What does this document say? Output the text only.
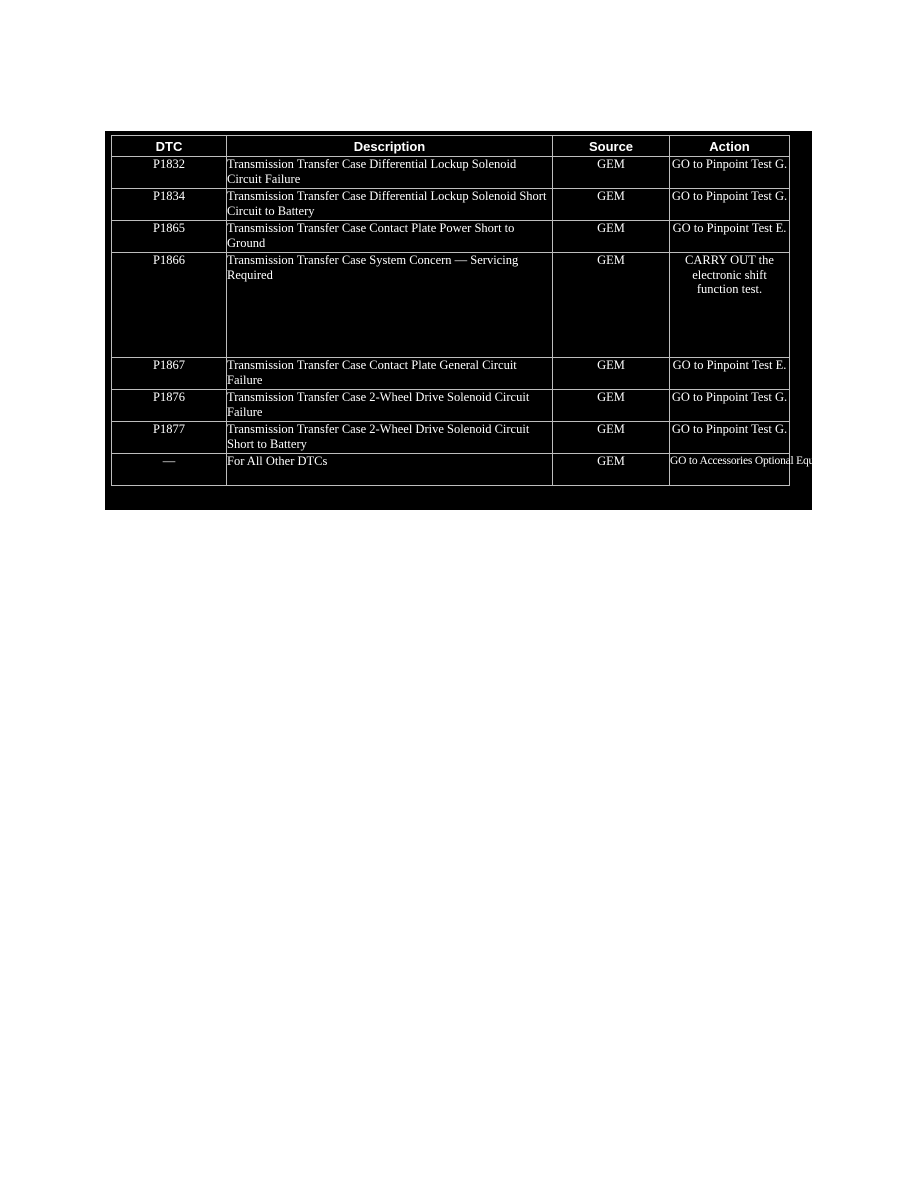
DTC	Description	Source	Action
P1832	Transmission Transfer Case Differential Lockup Solenoid Circuit Failure	GEM	GO to Pinpoint Test G.
P1834	Transmission Transfer Case Differential Lockup Solenoid Short Circuit to Battery	GEM	GO to Pinpoint Test G.
P1865	Transmission Transfer Case Contact Plate Power Short to Ground	GEM	GO to Pinpoint Test E.
P1866	Transmission Transfer Case System Concern — Servicing Required	GEM	CARRY OUT the electronic shift function test.
P1867	Transmission Transfer Case Contact Plate General Circuit Failure	GEM	GO to Pinpoint Test E.
P1876	Transmission Transfer Case 2-Wheel Drive Solenoid Circuit Failure	GEM	GO to Pinpoint Test G.
P1877	Transmission Transfer Case 2-Wheel Drive Solenoid Circuit Short to Battery	GEM	GO to Pinpoint Test G.
—	For All Other DTCs	GEM	GO to Accessories Optional Equipement
